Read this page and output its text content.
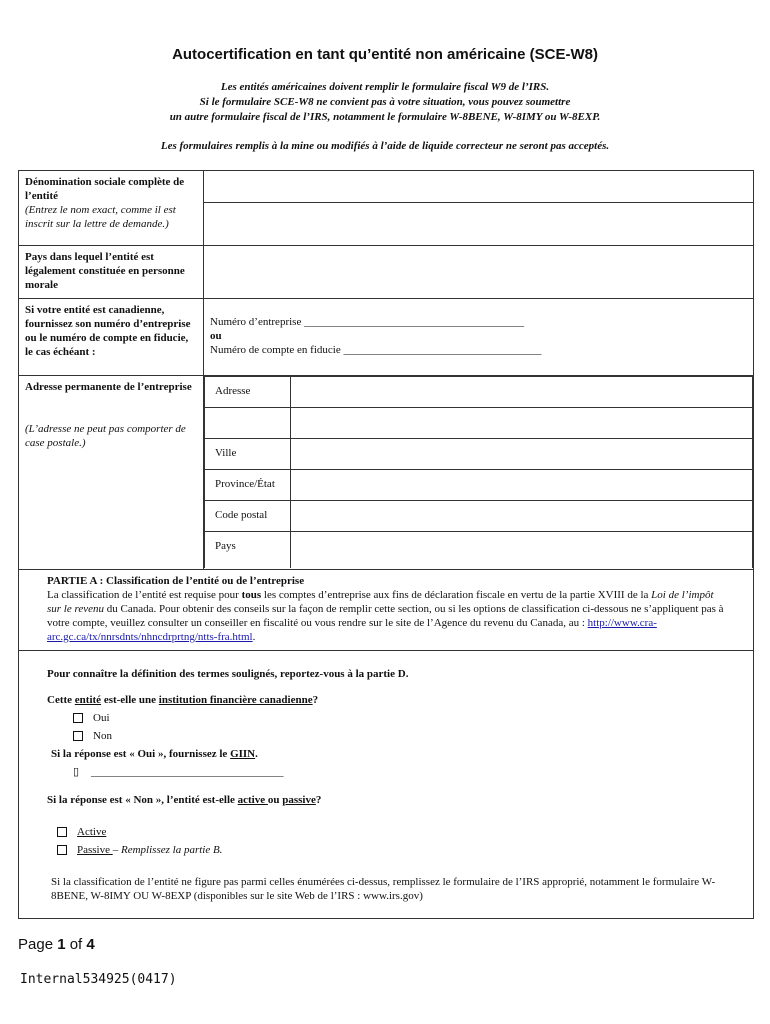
Autocertification en tant qu’entité non américaine (SCE-W8)
Les entités américaines doivent remplir le formulaire fiscal W9 de l’IRS.
Si le formulaire SCE-W8 ne convient pas à votre situation, vous pouvez soumettre
un autre formulaire fiscal de l’IRS, notamment le formulaire W-8BENE, W-8IMY ou W-8EXP.
Les formulaires remplis à la mine ou modifiés à l’aide de liquide correcteur ne seront pas acceptés.
Dénomination sociale complète de l’entité
(Entrez le nom exact, comme il est inscrit sur la lettre de demande.)

Pays dans lequel l’entité est légalement constituée en personne morale

Si votre entité est canadienne, fournissez son numéro d’entreprise ou le numéro de compte en fiducie, le cas échéant :

Numéro d’entreprise ________________________________________
ou
Numéro de compte en fiducie ____________________________________

Adresse permanente de l’entreprise

(L’adresse ne peut pas comporter de case postale.)

Adresse	

Ville	
Province/État	
Code postal	
Pays	

PARTIE A : Classification de l’entité ou de l’entreprise
La classification de l’entité est requise pour tous les comptes d’entreprise aux fins de déclaration fiscale en vertu de la partie XVIII de la Loi de l’impôt sur le revenu du Canada. Pour obtenir des conseils sur la façon de remplir cette section, ou si les options de classification ci-dessous ne s’appliquent pas à votre compte, veuillez consulter un conseiller en fiscalité ou vous rendre sur le site de l’Agence du revenu du Canada, au : http://www.cra-arc.gc.ca/tx/nnrsdnts/nhncdrprtng/ntts-fra.html.

Pour connaître la définition des termes soulignés, reportez-vous à la partie D.
Cette entité est-elle une institution financière canadienne?
Oui
Non
Si la réponse est « Oui », fournissez le GIIN.
▯ ___________________________________
Si la réponse est « Non », l’entité est-elle active ou passive?
Active
Passive – Remplissez la partie B.
Si la classification de l’entité ne figure pas parmi celles énumérées ci-dessus, remplissez le formulaire de l’IRS approprié, notamment le formulaire W-8BENE, W-8IMY OU W-8EXP (disponibles sur le site Web de l’IRS : www.irs.gov)
Page 1 of 4
Internal534925(0417)
